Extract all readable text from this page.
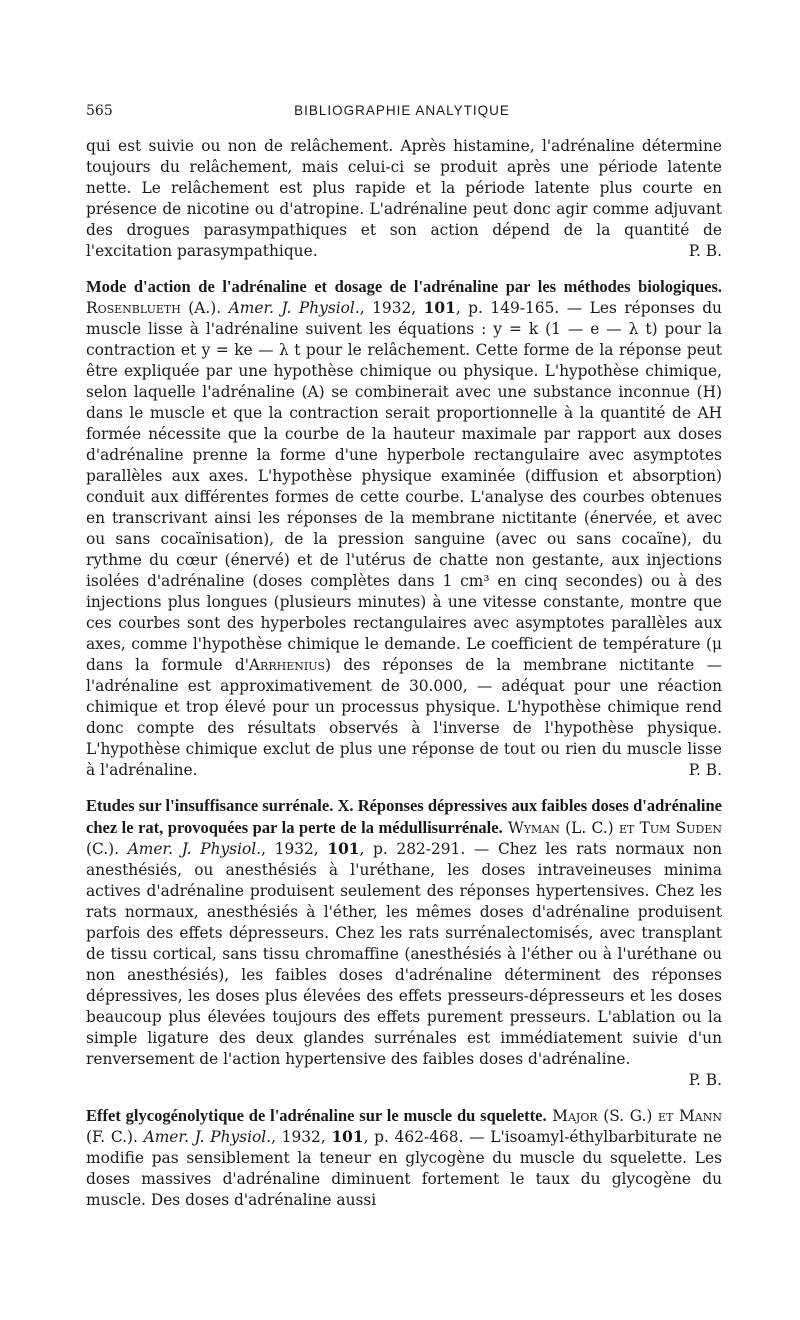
565	BIBLIOGRAPHIE ANALYTIQUE

qui est suivie ou non de relâchement. Après histamine, l'adrénaline détermine toujours du relâchement, mais celui-ci se produit après une période latente nette. Le relâchement est plus rapide et la période latente plus courte en présence de nicotine ou d'atropine. L'adrénaline peut donc agir comme adjuvant des drogues parasympathiques et son action dépend de la quantité de l'excitation parasympathique.	P. B.

Mode d'action de l'adrénaline et dosage de l'adrénaline par les méthodes biologiques. Rosenblueth (A.). Amer. J. Physiol., 1932, 101, p. 149-165. — Les réponses du muscle lisse à l'adrénaline suivent les équations : y = k (1 — e — λ t) pour la contraction et y = ke — λ t pour le relâchement. Cette forme de la réponse peut être expliquée par une hypothèse chimique ou physique. L'hypothèse chimique, selon laquelle l'adrénaline (A) se combinerait avec une substance inconnue (H) dans le muscle et que la contraction serait proportionnelle à la quantité de AH formée nécessite que la courbe de la hauteur maximale par rapport aux doses d'adrénaline prenne la forme d'une hyperbole rectangulaire avec asymptotes parallèles aux axes. L'hypothèse physique examinée (diffusion et absorption) conduit aux différentes formes de cette courbe. L'analyse des courbes obtenues en transcrivant ainsi les réponses de la membrane nictitante (énervée, et avec ou sans cocaïnisation), de la pression sanguine (avec ou sans cocaïne), du rythme du cœur (énervé) et de l'utérus de chatte non gestante, aux injections isolées d'adrénaline (doses complètes dans 1 cm³ en cinq secondes) ou à des injections plus longues (plusieurs minutes) à une vitesse constante, montre que ces courbes sont des hyperboles rectangulaires avec asymptotes parallèles aux axes, comme l'hypothèse chimique le demande. Le coefficient de température (μ dans la formule d'Arrhenius) des réponses de la membrane nictitante — l'adrénaline est approximativement de 30.000, — adéquat pour une réaction chimique et trop élevé pour un processus physique. L'hypothèse chimique rend donc compte des résultats observés à l'inverse de l'hypothèse physique. L'hypothèse chimique exclut de plus une réponse de tout ou rien du muscle lisse à l'adrénaline.	P. B.

Etudes sur l'insuffisance surrénale. X. Réponses dépressives aux faibles doses d'adrénaline chez le rat, provoquées par la perte de la médullisurrénale. Wyman (L. C.) et Tum Suden (C.). Amer. J. Physiol., 1932, 101, p. 282-291. — Chez les rats normaux non anesthésiés, ou anesthésiés à l'uréthane, les doses intraveineuses minima actives d'adrénaline produisent seulement des réponses hypertensives. Chez les rats normaux, anesthésiés à l'éther, les mêmes doses d'adrénaline produisent parfois des effets dépresseurs. Chez les rats surrénalectomisés, avec transplant de tissu cortical, sans tissu chromaffine (anesthésiés à l'éther ou à l'uréthane ou non anesthésiés), les faibles doses d'adrénaline déterminent des réponses dépressives, les doses plus élevées des effets presseurs-dépresseurs et les doses beaucoup plus élevées toujours des effets purement presseurs. L'ablation ou la simple ligature des deux glandes surrénales est immédiatement suivie d'un renversement de l'action hypertensive des faibles doses d'adrénaline.

P. B.

Effet glycogénolytique de l'adrénaline sur le muscle du squelette. Major (S. G.) et Mann (F. C.). Amer. J. Physiol., 1932, 101, p. 462-468. — L'isoamyl-éthylbarbiturate ne modifie pas sensiblement la teneur en glycogène du muscle du squelette. Les doses massives d'adrénaline diminuent fortement le taux du glycogène du muscle. Des doses d'adrénaline aussi
